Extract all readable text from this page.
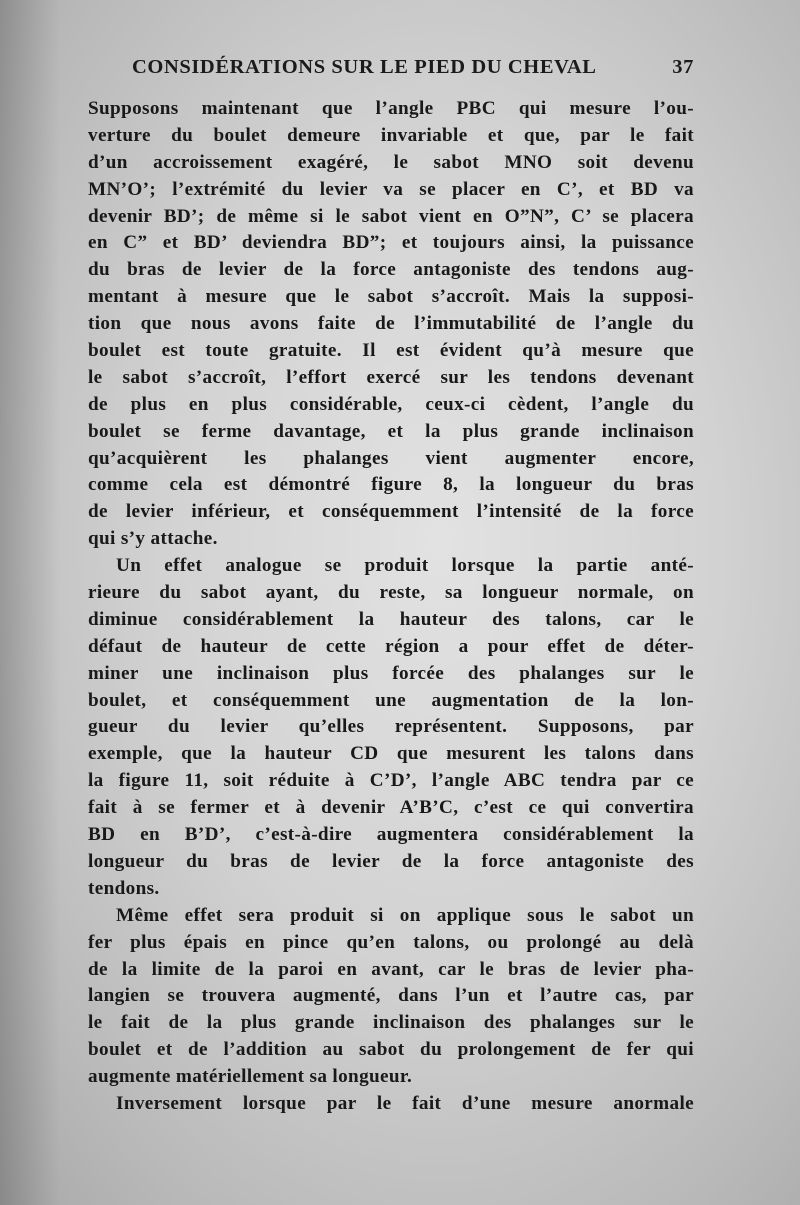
CONSIDÉRATIONS SUR LE PIED DU CHEVAL	37
Supposons maintenant que l’angle PBC qui mesure l’ou-
verture du boulet demeure invariable et que, par le fait
d’un accroissement exagéré, le sabot MNO soit devenu
MN’O’; l’extrémité du levier va se placer en C’, et BD va
devenir BD’; de même si le sabot vient en O”N”, C’ se placera
en C” et BD’ deviendra BD”; et toujours ainsi, la puissance
du bras de levier de la force antagoniste des tendons aug-
mentant à mesure que le sabot s’accroît. Mais la supposi-
tion que nous avons faite de l’immutabilité de l’angle du
boulet est toute gratuite. Il est évident qu’à mesure que
le sabot s’accroît, l’effort exercé sur les tendons devenant
de plus en plus considérable, ceux-ci cèdent, l’angle du
boulet se ferme davantage, et la plus grande inclinaison
qu’acquièrent les phalanges vient augmenter encore,
comme cela est démontré figure 8, la longueur du bras
de levier inférieur, et conséquemment l’intensité de la force
qui s’y attache.
Un effet analogue se produit lorsque la partie anté-
rieure du sabot ayant, du reste, sa longueur normale, on
diminue considérablement la hauteur des talons, car le
défaut de hauteur de cette région a pour effet de déter-
miner une inclinaison plus forcée des phalanges sur le
boulet, et conséquemment une augmentation de la lon-
gueur du levier qu’elles représentent. Supposons, par
exemple, que la hauteur CD que mesurent les talons dans
la figure 11, soit réduite à C’D’, l’angle ABC tendra par ce
fait à se fermer et à devenir A’B’C, c’est ce qui convertira
BD en B’D’, c’est-à-dire augmentera considérablement la
longueur du bras de levier de la force antagoniste des
tendons.
Même effet sera produit si on applique sous le sabot un
fer plus épais en pince qu’en talons, ou prolongé au delà
de la limite de la paroi en avant, car le bras de levier pha-
langien se trouvera augmenté, dans l’un et l’autre cas, par
le fait de la plus grande inclinaison des phalanges sur le
boulet et de l’addition au sabot du prolongement de fer qui
augmente matériellement sa longueur.
Inversement lorsque par le fait d’une mesure anormale
